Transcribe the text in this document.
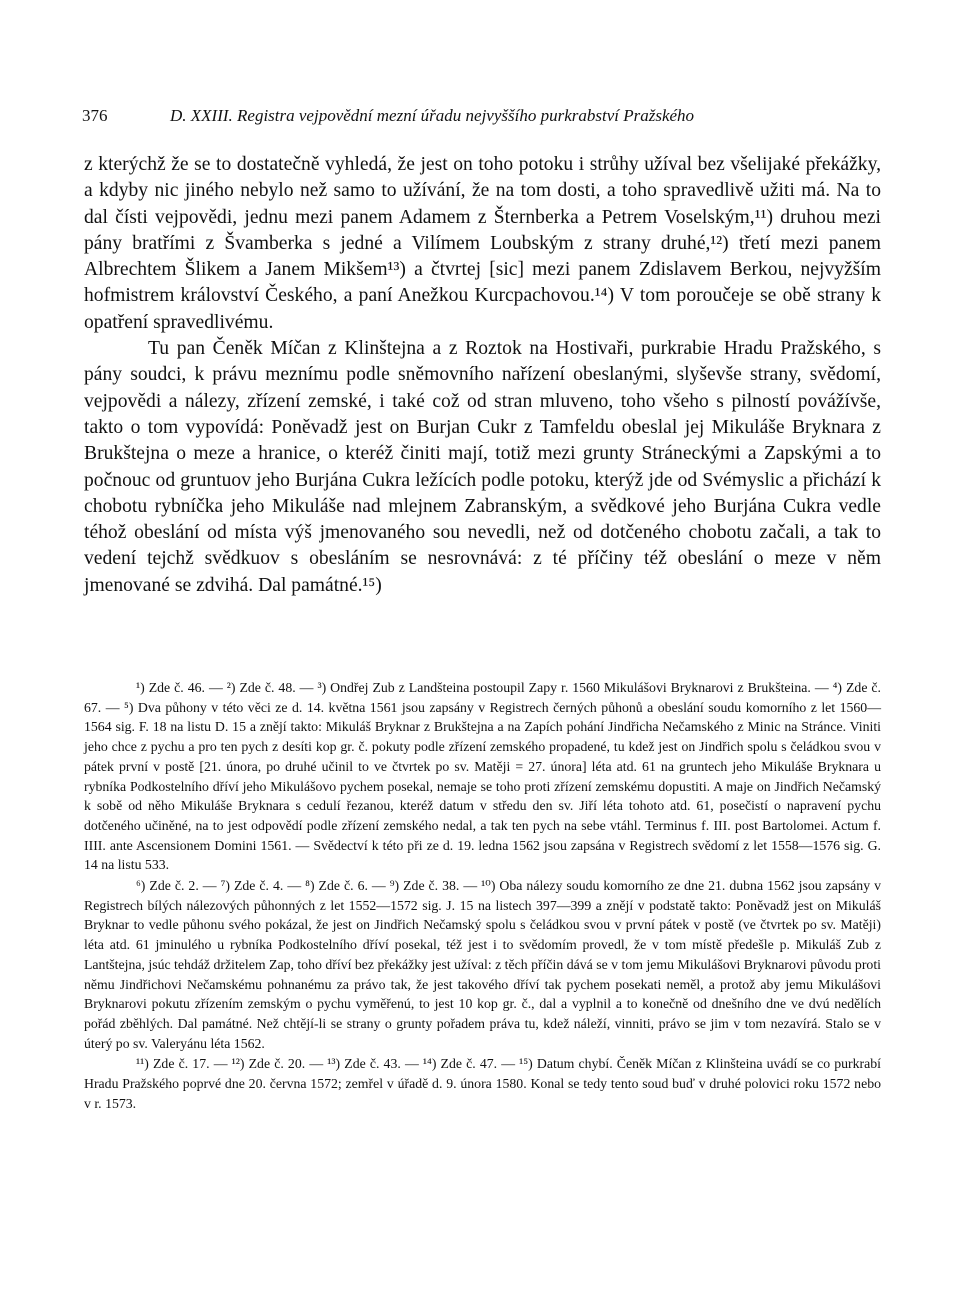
376	D. XXIII. Registra vejpovědní mezní úřadu nejvyššího purkrabství Pražského

z kterýchž že se to dostatečně vyhledá, že jest on toho potoku i strůhy užíval bez všelijaké překážky, a kdyby nic jiného nebylo než samo to užívání, že na tom dosti, a toho spravedlivě užiti má. Na to dal čísti vejpovědi, jednu mezi panem Adamem z Šternberka a Petrem Voselským,¹¹) druhou mezi pány bratřími z Švamberka s jedné a Vilímem Loubským z strany druhé,¹²) třetí mezi panem Albrechtem Šlikem a Janem Mikšem¹³) a čtvrtej [sic] mezi panem Zdislavem Berkou, nejvyžším hofmistrem království Českého, a paní Anežkou Kurcpachovou.¹⁴) V tom poroučeje se obě strany k opatření spravedlivému.

Tu pan Čeněk Míčan z Klinštejna a z Roztok na Hostivaři, purkrabie Hradu Pražského, s pány soudci, k právu meznímu podle sněmovního nařízení obeslanými, slyševše strany, svědomí, vejpovědi a nálezy, zřízení zemské, i také což od stran mluveno, toho všeho s pilností povážívše, takto o tom vypovídá: Poněvadž jest on Burjan Cukr z Tamfeldu obeslal jej Mikuláše Bryknara z Brukštejna o meze a hranice, o kteréž činiti mají, totiž mezi grunty Stráneckými a Zapskými a to počnouc od gruntuov jeho Burjána Cukra ležících podle potoku, kterýž jde od Svémyslic a přichází k chobotu rybníčka jeho Mikuláše nad mlejnem Zabranským, a svědkové jeho Burjána Cukra vedle téhož obeslání od místa výš jmenovaného sou nevedli, než od dotčeného chobotu začali, a tak to vedení tejchž svědkuov s obesláním se nesrovnává: z té příčiny též obeslání o meze v něm jmenované se zdvihá. Dal památné.¹⁵)

¹) Zde č. 46. — ²) Zde č. 48. — ³) Ondřej Zub z Landšteina postoupil Zapy r. 1560 Mikulášovi Bryknarovi z Brukšteina. — ⁴) Zde č. 67. — ⁵) Dva půhony v této věci ze d. 14. května 1561 jsou zapsány v Registrech černých půhonů a obeslání soudu komorního z let 1560—1564 sig. F. 18 na listu D. 15 a znějí takto: Mikuláš Bryknar z Brukštejna a na Zapích pohání Jindřicha Nečamského z Minic na Stránce. Viniti jeho chce z pychu a pro ten pych z desíti kop gr. č. pokuty podle zřízení zemského propadené, tu kdež jest on Jindřich spolu s čeládkou svou v pátek první v postě [21. února, po druhé učinil to ve čtvrtek po sv. Matěji = 27. února] léta atd. 61 na gruntech jeho Mikuláše Bryknara u rybníka Podkostelního dříví jeho Mikulášovo pychem posekal, nemaje se toho proti zřízení zemskému dopustiti. A maje on Jindřich Nečamský k sobě od něho Mikuláše Bryknara s cedulí řezanou, kteréž datum v středu den sv. Jiří léta tohoto atd. 61, posečistí o napravení pychu dotčeného učiněné, na to jest odpovědí podle zřízení zemského nedal, a tak ten pych na sebe vtáhl. Terminus f. III. post Bartolomei. Actum f. IIII. ante Ascensionem Domini 1561. — Svědectví k této při ze d. 19. ledna 1562 jsou zapsána v Registrech svědomí z let 1558—1576 sig. G. 14 na listu 533.

⁶) Zde č. 2. — ⁷) Zde č. 4. — ⁸) Zde č. 6. — ⁹) Zde č. 38. — ¹⁰) Oba nálezy soudu komorního ze dne 21. dubna 1562 jsou zapsány v Registrech bílých nálezových půhonných z let 1552—1572 sig. J. 15 na listech 397—399 a znějí v podstatě takto: Poněvadž jest on Mikuláš Bryknar to vedle půhonu svého pokázal, že jest on Jindřich Nečamský spolu s čeládkou svou v první pátek v postě (ve čtvrtek po sv. Matěji) léta atd. 61 jminulého u rybníka Podkostelního dříví posekal, též jest i to svědomím provedl, že v tom místě předešle p. Mikuláš Zub z Lantštejna, jsúc tehdáž držitelem Zap, toho dříví bez překážky jest užíval: z těch příčin dává se v tom jemu Mikulášovi Bryknarovi původu proti němu Jindřichovi Nečamskému pohnanému za právo tak, že jest takového dříví tak pychem posekati neměl, a protož aby jemu Mikulášovi Bryknarovi pokutu zřízením zemským o pychu vyměřenú, to jest 10 kop gr. č., dal a vyplnil a to konečně od dnešního dne ve dvú nedělích pořád zběhlých. Dal památné. Než chtějí-li se strany o grunty pořadem práva tu, kdež náleží, vinniti, právo se jim v tom nezavírá. Stalo se v úterý po sv. Valeryánu léta 1562.

¹¹) Zde č. 17. — ¹²) Zde č. 20. — ¹³) Zde č. 43. — ¹⁴) Zde č. 47. — ¹⁵) Datum chybí. Čeněk Míčan z Klinšteina uvádí se co purkrabí Hradu Pražského poprvé dne 20. června 1572; zemřel v úřadě d. 9. února 1580. Konal se tedy tento soud buď v druhé polovici roku 1572 nebo v r. 1573.
